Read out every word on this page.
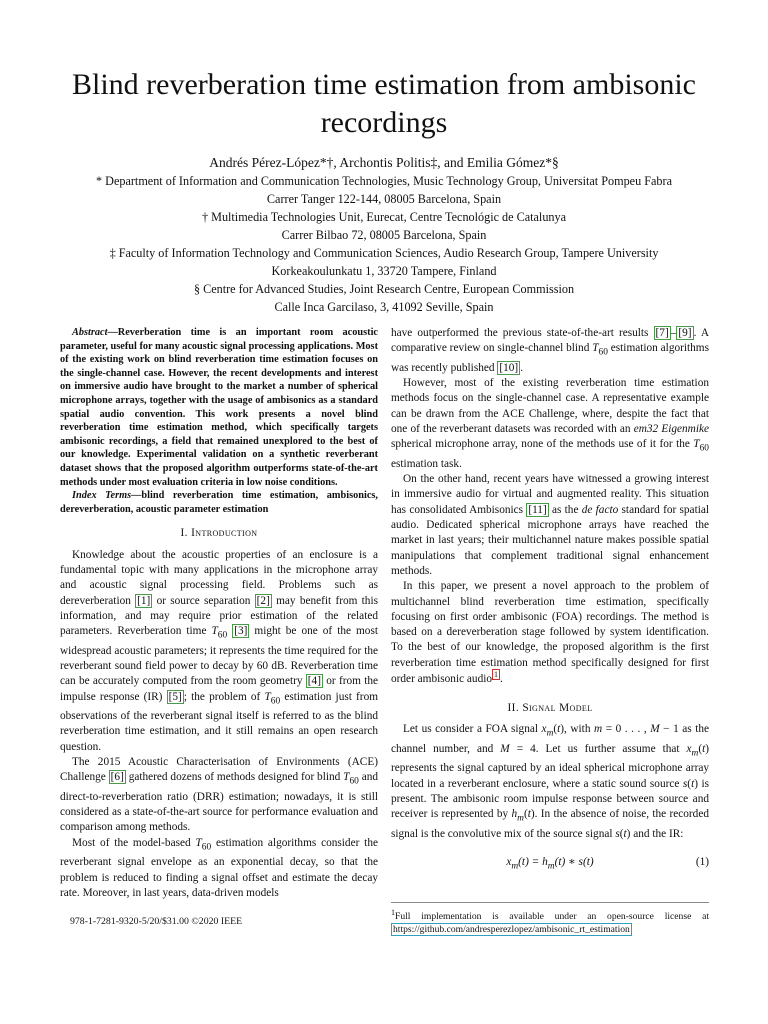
Blind reverberation time estimation from ambisonic recordings
Andrés Pérez-López*†, Archontis Politis‡, and Emilia Gómez*§
* Department of Information and Communication Technologies, Music Technology Group, Universitat Pompeu Fabra
Carrer Tanger 122-144, 08005 Barcelona, Spain
† Multimedia Technologies Unit, Eurecat, Centre Tecnológic de Catalunya
Carrer Bilbao 72, 08005 Barcelona, Spain
‡ Faculty of Information Technology and Communication Sciences, Audio Research Group, Tampere University
Korkeakoulunkatu 1, 33720 Tampere, Finland
§ Centre for Advanced Studies, Joint Research Centre, European Commission
Calle Inca Garcilaso, 3, 41092 Seville, Spain

Abstract—Reverberation time is an important room acoustic parameter, useful for many acoustic signal processing applications. Most of the existing work on blind reverberation time estimation focuses on the single-channel case. However, the recent developments and interest on immersive audio have brought to the market a number of spherical microphone arrays, together with the usage of ambisonics as a standard spatial audio convention. This work presents a novel blind reverberation time estimation method, which specifically targets ambisonic recordings, a field that remained unexplored to the best of our knowledge. Experimental validation on a synthetic reverberant dataset shows that the proposed algorithm outperforms state-of-the-art methods under most evaluation criteria in low noise conditions.

Index Terms—blind reverberation time estimation, ambisonics, dereverberation, acoustic parameter estimation

I. Introduction

Knowledge about the acoustic properties of an enclosure is a fundamental topic with many applications in the microphone array and acoustic signal processing field. Problems such as dereverberation [1] or source separation [2] may benefit from this information, and may require prior estimation of the related parameters. Reverberation time $T_{60}$ [3] might be one of the most widespread acoustic parameters; it represents the time required for the reverberant sound field power to decay by 60 dB. Reverberation time can be accurately computed from the room geometry [4] or from the impulse response (IR) [5] ; the problem of $T_{60}$ estimation just from observations of the reverberant signal itself is referred to as the blind reverberation time estimation, and it still remains an open research question.

The 2015 Acoustic Characterisation of Environments (ACE) Challenge [6] gathered dozens of methods designed for blind $T_{60}$ and direct-to-reverberation ratio (DRR) estimation; nowadays, it is still considered as a state-of-the-art source for performance evaluation and comparison among methods.

Most of the model-based $T_{60}$ estimation algorithms consider the reverberant signal envelope as an exponential decay, so that the problem is reduced to finding a signal offset and estimate the decay rate. Moreover, in last years, data-driven models

have outperformed the previous state-of-the-art results [7] – [9] . A comparative review on single-channel blind $T_{60}$ estimation algorithms was recently published [10] .

However, most of the existing reverberation time estimation methods focus on the single-channel case. A representative example can be drawn from the ACE Challenge, where, despite the fact that one of the reverberant datasets was recorded with an em32 Eigenmike spherical microphone array, none of the methods use of it for the $T_{60}$ estimation task.

On the other hand, recent years have witnessed a growing interest in immersive audio for virtual and augmented reality. This situation has consolidated Ambisonics [11] as the de facto standard for spatial audio. Dedicated spherical microphone arrays have reached the market in last years; their multichannel nature makes possible spatial manipulations that complement traditional signal enhancement methods.

In this paper, we present a novel approach to the problem of multichannel blind reverberation time estimation, specifically focusing on first order ambisonic (FOA) recordings. The method is based on a dereverberation stage followed by system identification. To the best of our knowledge, the proposed algorithm is the first reverberation time estimation method specifically designed for first order ambisonic audio $^1$ .

II. Signal Model

Let us consider a FOA signal $x_m(t)$, with m = 0 . . . , M − 1 as the channel number, and M = 4. Let us further assume that $x_m(t)$ represents the signal captured by an ideal spherical microphone array located in a reverberant enclosure, where a static sound source s(t) is present. The ambisonic room impulse response between source and receiver is represented by $h_m(t)$. In the absence of noise, the recorded signal is the convolutive mix of the source signal s(t) and the IR:

$x_m(t) = h_m(t)$ ∗ s(t)	(1)
$^1$Full implementation is available under an open-source license at https://github.com/andresperezlopez/ambisonic_rt_estimation
978-1-7281-9320-5/20/$31.00 ©2020 IEEE
